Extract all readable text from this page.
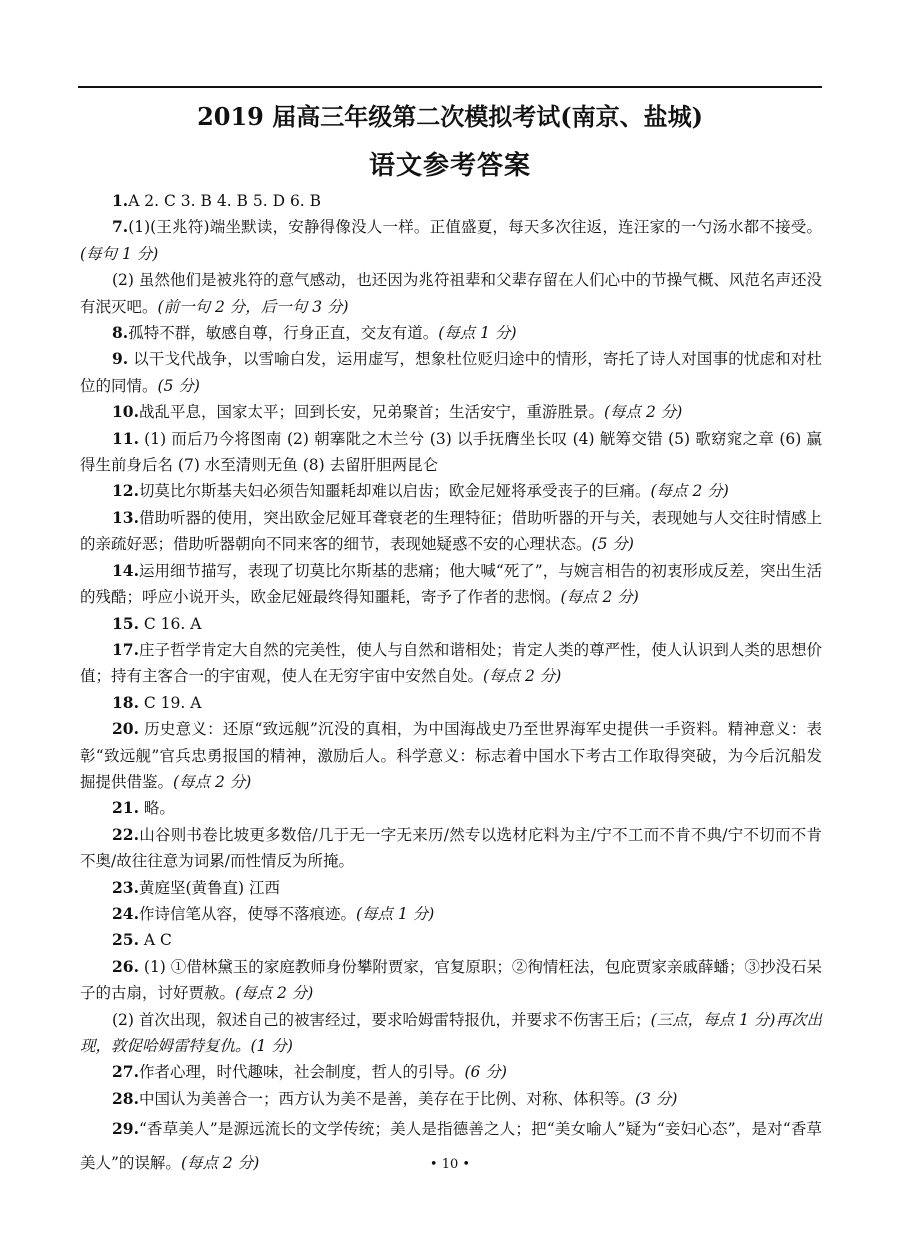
2019 届高三年级第二次模拟考试(南京、盐城)
语文参考答案

1.A 2. C 3. B 4. B 5. D 6. B

7.(1)(王兆符)端坐默读，安静得像没人一样。正值盛夏，每天多次往返，连汪家的一勺汤水都不接受。(每句 1 分)

(2) 虽然他们是被兆符的意气感动，也还因为兆符祖辈和父辈存留在人们心中的节操气概、风范名声还没有泯灭吧。(前一句 2 分，后一句 3 分)

8.孤特不群，敏感自尊，行身正直，交友有道。(每点 1 分)

9. 以干戈代战争，以雪喻白发，运用虚写，想象杜位贬归途中的情形，寄托了诗人对国事的忧虑和对杜位的同情。(5 分)

10.战乱平息，国家太平；回到长安，兄弟聚首；生活安宁，重游胜景。(每点 2 分)

11. (1) 而后乃今将图南 (2) 朝搴阰之木兰兮 (3) 以手抚膺坐长叹 (4) 觥筹交错 (5) 歌窈窕之章 (6) 赢得生前身后名 (7) 水至清则无鱼 (8) 去留肝胆两昆仑

12.切莫比尔斯基夫妇必须告知噩耗却难以启齿；欧金尼娅将承受丧子的巨痛。(每点 2 分)

13.借助听器的使用，突出欧金尼娅耳聋衰老的生理特征；借助听器的开与关，表现她与人交往时情感上的亲疏好恶；借助听器朝向不同来客的细节，表现她疑惑不安的心理状态。(5 分)

14.运用细节描写，表现了切莫比尔斯基的悲痛；他大喊“死了”，与婉言相告的初衷形成反差，突出生活的残酷；呼应小说开头，欧金尼娅最终得知噩耗，寄予了作者的悲悯。(每点 2 分)

15. C 16. A

17.庄子哲学肯定大自然的完美性，使人与自然和谐相处；肯定人类的尊严性，使人认识到人类的思想价值；持有主客合一的宇宙观，使人在无穷宇宙中安然自处。(每点 2 分)

18. C 19. A

20. 历史意义：还原“致远舰”沉没的真相，为中国海战史乃至世界海军史提供一手资料。精神意义：表彰“致远舰”官兵忠勇报国的精神，激励后人。科学意义：标志着中国水下考古工作取得突破，为今后沉船发掘提供借鉴。(每点 2 分)

21. 略。

22.山谷则书卷比坡更多数倍/几于无一字无来历/然专以选材庀料为主/宁不工而不肯不典/宁不切而不肯不奥/故往往意为词累/而性情反为所掩。

23.黄庭坚(黄鲁直) 江西

24.作诗信笔从容，使辱不落痕迹。(每点 1 分)

25. A C

26. (1) ①借林黛玉的家庭教师身份攀附贾家，官复原职；②徇情枉法，包庇贾家亲戚薛蟠；③抄没石呆子的古扇，讨好贾赦。(每点 2 分)

(2) 首次出现，叙述自己的被害经过，要求哈姆雷特报仇，并要求不伤害王后；(三点，每点 1 分)再次出现，敦促哈姆雷特复仇。(1 分)

27.作者心理，时代趣味，社会制度，哲人的引导。(6 分)

28.中国认为美善合一；西方认为美不是善，美存在于比例、对称、体积等。(3 分)

29.“香草美人”是源远流长的文学传统；美人是指德善之人；把“美女喻人”疑为“妾妇心态”，是对“香草美人”的误解。(每点 2 分)	• 10 •
